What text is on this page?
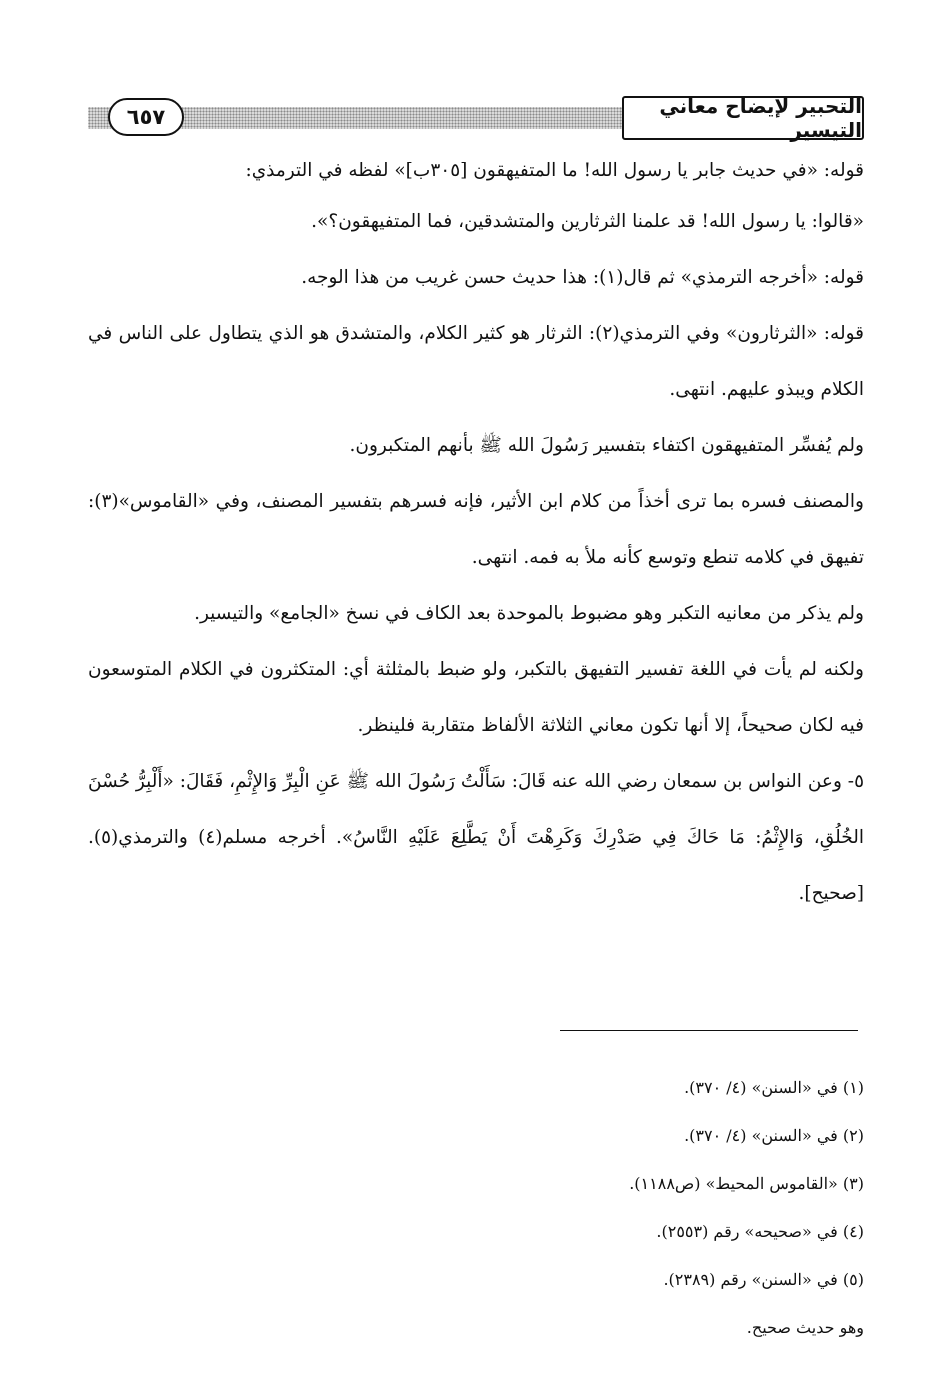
٦٥٧	التحبير لإيضاح معاني التيسير

قوله: «في حديث جابر يا رسول الله! ما المتفيهقون [٣٠٥ب]» لفظه في الترمذي:

«قالوا: يا رسول الله! قد علمنا الثرثارين والمتشدقين، فما المتفيهقون؟».

قوله: «أخرجه الترمذي» ثم قال(١): هذا حديث حسن غريب من هذا الوجه.

قوله: «الثرثارون» وفي الترمذي(٢): الثرثار هو كثير الكلام، والمتشدق هو الذي يتطاول على الناس في الكلام ويبذو عليهم. انتهى.

ولم يُفسِّر المتفيهقون اكتفاء بتفسير رَسُولَ الله ﷺ بأنهم المتكبرون.

والمصنف فسره بما ترى أخذاً من كلام ابن الأثير، فإنه فسرهم بتفسير المصنف، وفي «القاموس»(٣): تفيهق في كلامه تنطع وتوسع كأنه ملأ به فمه. انتهى.

ولم يذكر من معانيه التكبر وهو مضبوط بالموحدة بعد الكاف في نسخ «الجامع» والتيسير.

ولكنه لم يأت في اللغة تفسير التفيهق بالتكبر، ولو ضبط بالمثلثة أي: المتكثرون في الكلام المتوسعون فيه لكان صحيحاً، إلا أنها تكون معاني الثلاثة الألفاظ متقاربة فلينظر.

٥- وعن النواس بن سمعان رضي الله عنه قَالَ: سَأَلْتُ رَسُولَ الله ﷺ عَنِ الْبِرِّ وَالإِثْمِ، فَقَالَ: «أَلْبِرُّ حُسْنَ الخُلُقِ، وَالإِثْمُ: مَا حَاكَ فِي صَدْرِكَ وَكَرِهْتَ أَنْ يَطَّلِعَ عَلَيْهِ النَّاسُ». أخرجه مسلم(٤) والترمذي(٥). [صحيح].

(١) في «السنن» (٤/ ٣٧٠).

(٢) في «السنن» (٤/ ٣٧٠).

(٣) «القاموس المحيط» (ص١١٨٨).

(٤) في «صحيحه» رقم (٢٥٥٣).

(٥) في «السنن» رقم (٢٣٨٩).

وهو حديث صحيح.
